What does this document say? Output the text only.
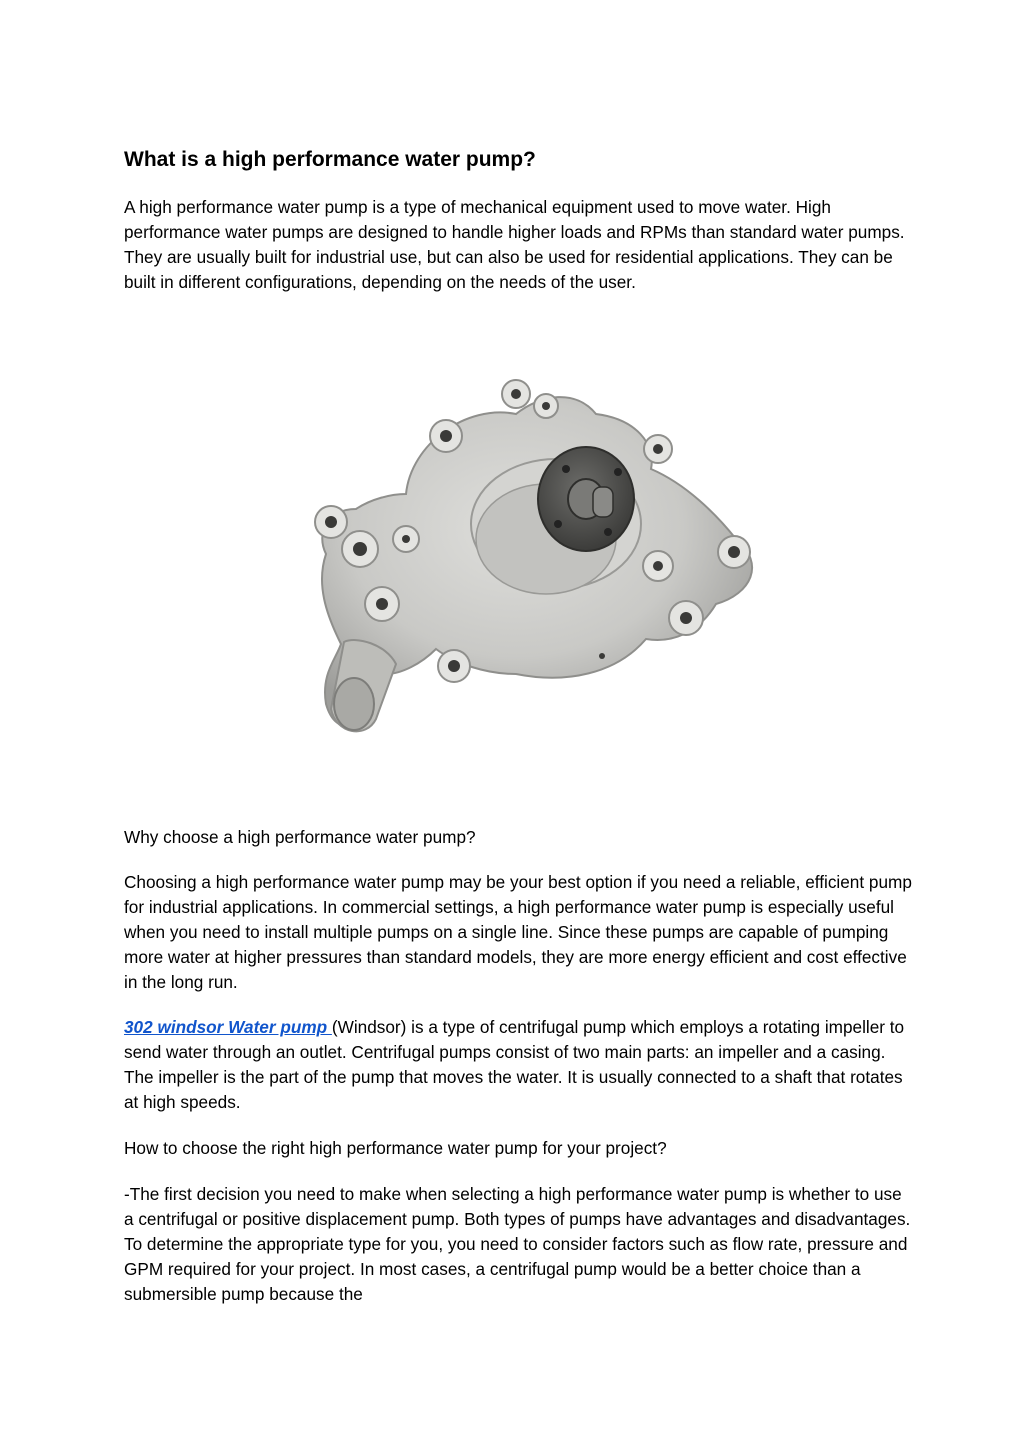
What is a high performance water pump?

A high performance water pump is a type of mechanical equipment used to move water. High performance water pumps are designed to handle higher loads and RPMs than standard water pumps. They are usually built for industrial use, but can also be used for residential applications. They can be built in different configurations, depending on the needs of the user.

Why choose a high performance water pump?

Choosing a high performance water pump may be your best option if you need a reliable, efficient pump for industrial applications. In commercial settings, a high performance water pump is especially useful when you need to install multiple pumps on a single line. Since these pumps are capable of pumping more water at higher pressures than standard models, they are more energy efficient and cost effective in the long run.

302 windsor Water pump (Windsor) is a type of centrifugal pump which employs a rotating impeller to send water through an outlet. Centrifugal pumps consist of two main parts: an impeller and a casing. The impeller is the part of the pump that moves the water. It is usually connected to a shaft that rotates at high speeds.

How to choose the right high performance water pump for your project?

-The first decision you need to make when selecting a high performance water pump is whether to use a centrifugal or positive displacement pump. Both types of pumps have advantages and disadvantages. To determine the appropriate type for you, you need to consider factors such as flow rate, pressure and GPM required for your project. In most cases, a centrifugal pump would be a better choice than a submersible pump because the
